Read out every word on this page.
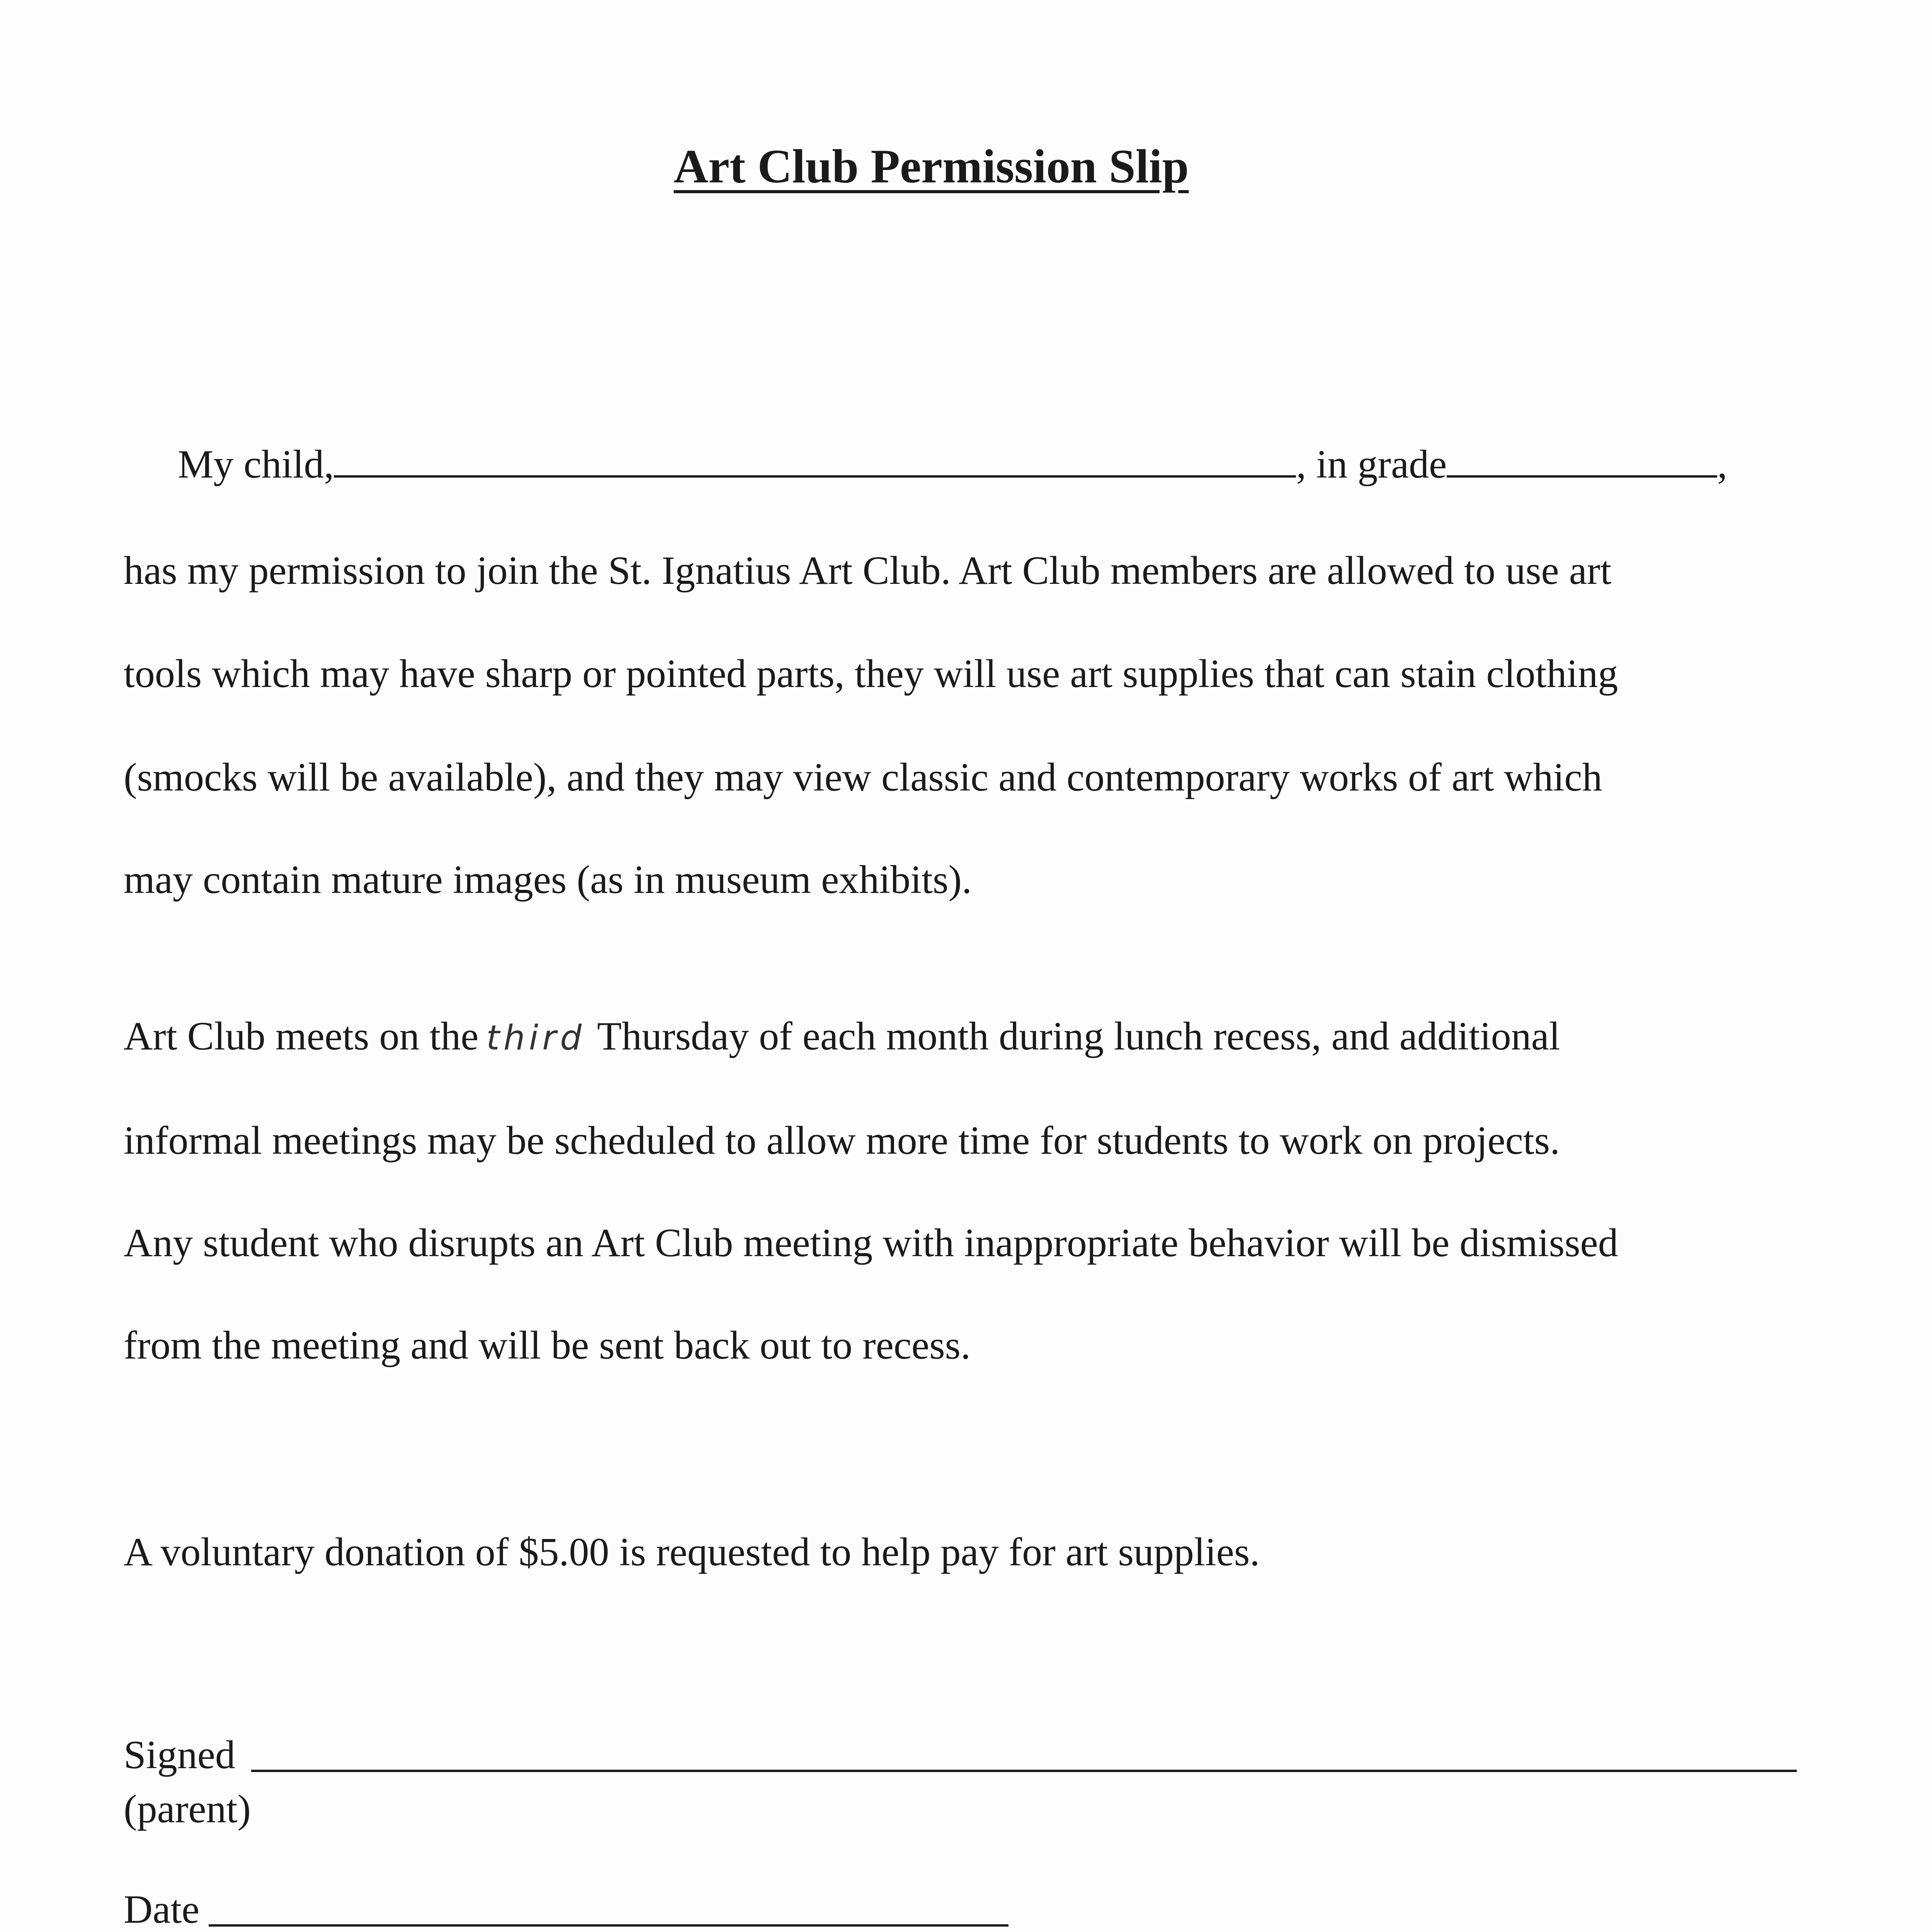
Art Club Permission Slip
My child,	, in grade	,
has my permission to join the St. Ignatius Art Club. Art Club members are allowed to use art
tools which may have sharp or pointed parts, they will use art supplies that can stain clothing
(smocks will be available), and they may view classic and contemporary works of art which
may contain mature images (as in museum exhibits).
Art Club meets on the third Thursday of each month during lunch recess, and additional
informal meetings may be scheduled to allow more time for students to work on projects.
Any student who disrupts an Art Club meeting with inappropriate behavior will be dismissed
from the meeting and will be sent back out to recess.
A voluntary donation of $5.00 is requested to help pay for art supplies.
Signed
(parent)
Date
